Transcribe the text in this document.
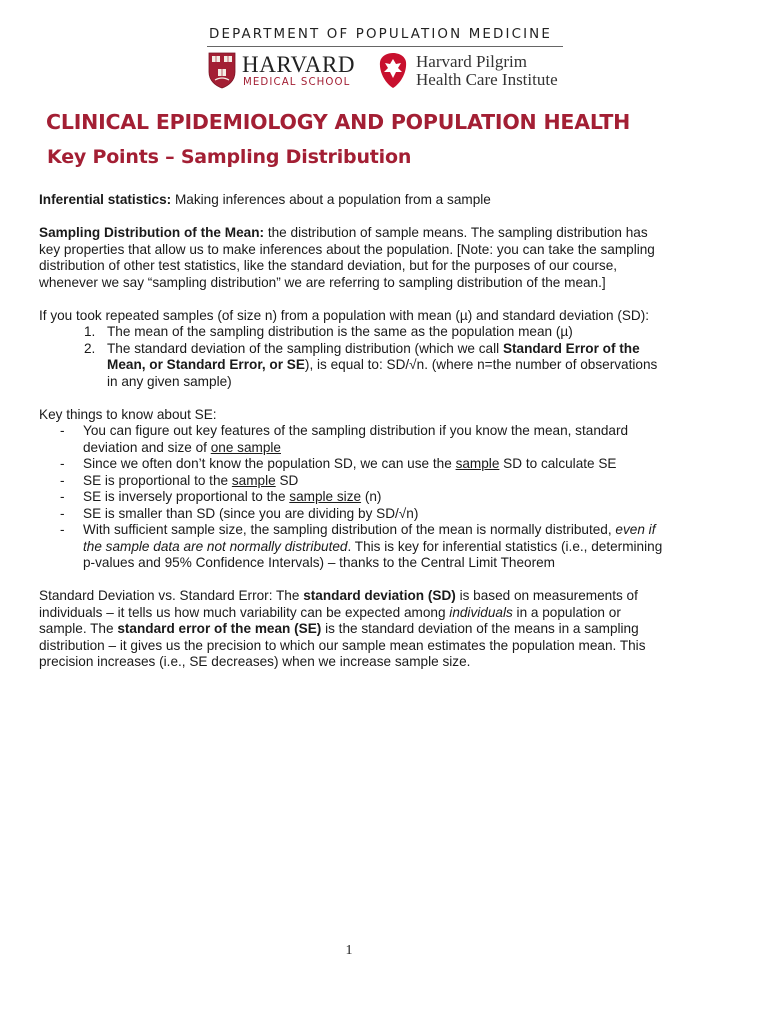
DEPARTMENT OF POPULATION MEDICINE
HARVARD
MEDICAL SCHOOL
Harvard Pilgrim
Health Care Institute
CLINICAL EPIDEMIOLOGY AND POPULATION HEALTH
Key Points – Sampling Distribution

Inferential statistics: Making inferences about a population from a sample

Sampling Distribution of the Mean: the distribution of sample means. The sampling distribution has key properties that allow us to make inferences about the population. [Note: you can take the sampling distribution of other test statistics, like the standard deviation, but for the purposes of our course, whenever we say “sampling distribution” we are referring to sampling distribution of the mean.]

If you took repeated samples (of size n) from a population with mean (µ) and standard deviation (SD):

1. The mean of the sampling distribution is the same as the population mean (µ)
2. The standard deviation of the sampling distribution (which we call Standard Error of the Mean, or Standard Error, or SE), is equal to: SD/√n. (where n=the number of observations in any given sample)

Key things to know about SE:

- You can figure out key features of the sampling distribution if you know the mean, standard deviation and size of one sample
- Since we often don’t know the population SD, we can use the sample SD to calculate SE
- SE is proportional to the sample SD
- SE is inversely proportional to the sample size (n)
- SE is smaller than SD (since you are dividing by SD/√n)
- With sufficient sample size, the sampling distribution of the mean is normally distributed, even if the sample data are not normally distributed. This is key for inferential statistics (i.e., determining p-values and 95% Confidence Intervals) – thanks to the Central Limit Theorem

Standard Deviation vs. Standard Error: The standard deviation (SD) is based on measurements of individuals – it tells us how much variability can be expected among individuals in a population or sample. The standard error of the mean (SE) is the standard deviation of the means in a sampling distribution – it gives us the precision to which our sample mean estimates the population mean. This precision increases (i.e., SE decreases) when we increase sample size.

1
